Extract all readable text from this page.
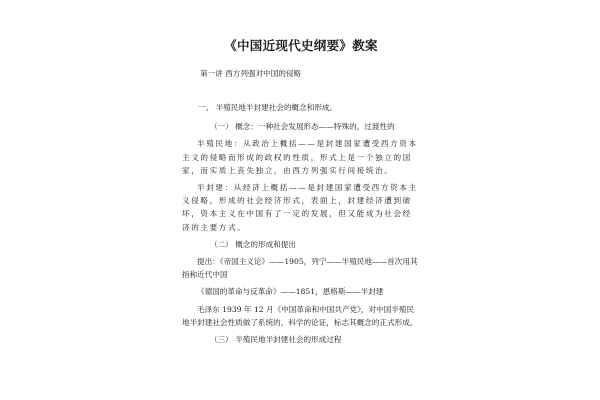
《中国近现代史纲要》教案
第一讲 西方列强对中国的侵略
一、 半殖民地半封建社会的概念和形成。
（一） 概念：一种社会发展形态——特殊的，过渡性的
半殖民地：从政治上概括——是封建国家遭受西方资本主义的侵略而形成的政权的性质，形式上是一个独立的国家，而实质上丧失独立，由西方列强实行间接统治。
半封建：从经济上概括——是封建国家遭受西方资本主义侵略，形成的社会经济形式，表面上，封建经济遭到破坏，资本主义在中国有了一定的发展，但又能成为社会经济的主要方式。
（二） 概念的形成和提出
提出：《帝国主义论》——1905，列宁——半殖民地——首次用其指称近代中国
《德国的革命与反革命》——1851，恩格斯——半封建
毛泽东 1939 年 12 月《中国革命和中国共产党》，对中国半殖民地半封建社会性质做了系统的，科学的论证，标志其概念的正式形成。
（三） 半殖民地半封建社会的形成过程
